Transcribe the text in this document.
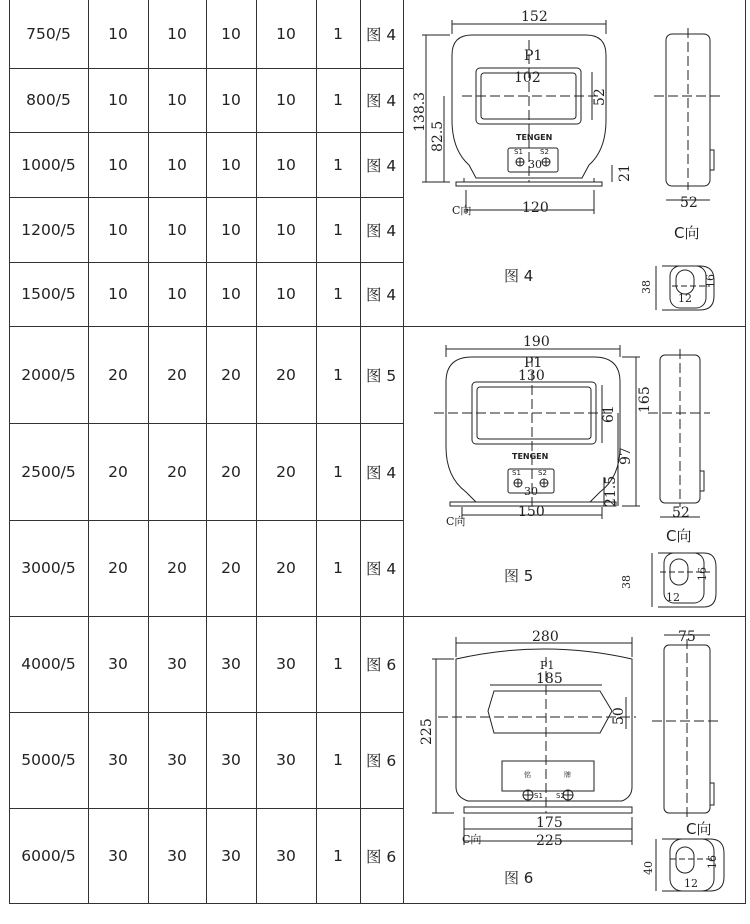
750/5	10	10	10	10	1	图 4
800/5	10	10	10	10	1	图 4
1000/5	10	10	10	10	1	图 4
1200/5	10	10	10	10	1	图 4
1500/5	10	10	10	10	1	图 4
2000/5	20	20	20	20	1	图 5
2500/5	20	20	20	20	1	图 4
3000/5	20	20	20	20	1	图 4
4000/5	30	30	30	30	1	图 6
5000/5	30	30	30	30	1	图 6
6000/5	30	30	30	30	1	图 6
152
P1
102
52
138.3
82.5
21
120
30
S1 S2
TENGEN
C向	52
C向
16
12
38
图 4
190
P1
130
61
165
97
21.5
150
30
S1 S2
TENGEN
C向
52
C向
16
12
38
图 5
280
P1
185
50
225
175
225
铭	牌
S1 S2
C向
75
C向
16
12
40
图 6
